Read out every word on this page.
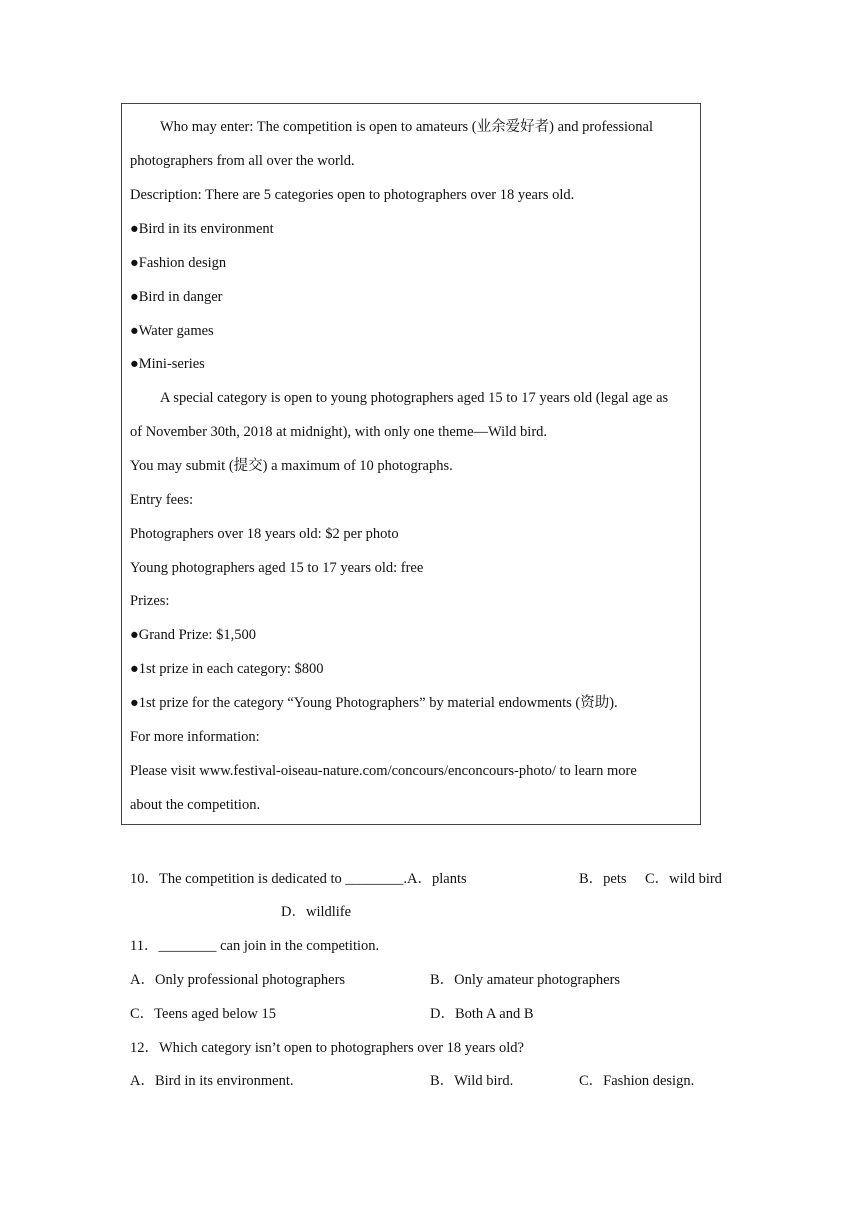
Who may enter: The competition is open to amateurs (业余爱好者) and professional
photographers from all over the world.
Description: There are 5 categories open to photographers over 18 years old.
●Bird in its environment
●Fashion design
●Bird in danger
●Water games
●Mini-series
A special category is open to young photographers aged 15 to 17 years old (legal age as
of November 30th, 2018 at midnight), with only one theme—Wild bird.
You may submit (提交) a maximum of 10 photographs.
Entry fees:
Photographers over 18 years old: $2 per photo
Young photographers aged 15 to 17 years old: free
Prizes:
●Grand Prize: $1,500
●1st prize in each category: $800
●1st prize for the category “Young Photographers” by material endowments (资助).
For more information:
Please visit www.festival-oiseau-nature.com/concours/enconcours-photo/ to learn more
about the competition.
10．The competition is dedicated to ________.A．plants	B．pets C．wild bird
D．wildlife
11．________ can join in the competition.
A．Only professional photographers	B．Only amateur photographers
C．Teens aged below 15	D．Both A and B
12．Which category isn’t open to photographers over 18 years old?
A．Bird in its environment.	B．Wild bird.	C．Fashion design.
